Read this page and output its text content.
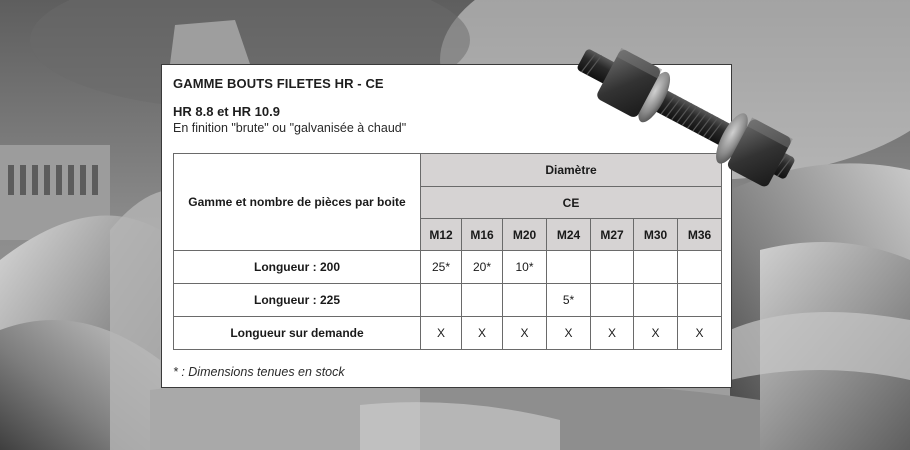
GAMME BOUTS FILETES HR - CE
HR 8.8 et HR 10.9
En finition "brute" ou "galvanisée à chaud"
Gamme et nombre de pièces par boite	Diamètre						
	CE						
	M12	M16	M20	M24	M27	M30	M36
Longueur : 200	25*	20*	10*				
Longueur : 225				5*			
Longueur sur demande	X	X	X	X	X	X	X
* : Dimensions tenues en stock
